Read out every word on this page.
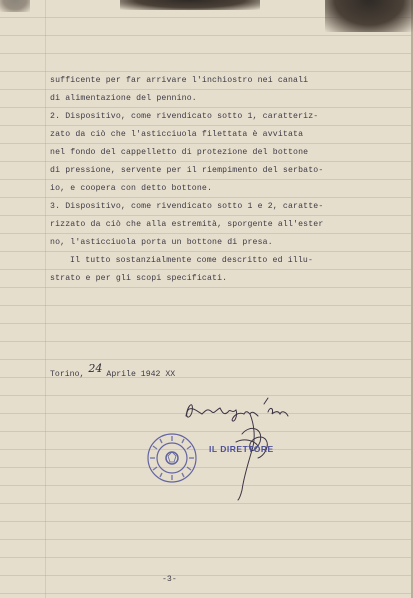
sufficente per far arrivare l'inchiostro nei canali
di alimentazione del pennino.
2. Dispositivo, come rivendicato sotto 1, caratteriz-
zato da ciò che l'asticciuola filettata è avvitata
nel fondo del cappelletto di protezione del bottone
di pressione, servente per il riempimento del serbato-
io, e coopera con detto bottone.
3. Dispositivo, come rivendicato sotto 1 e 2, caratte-
rizzato da ciò che alla estremità, sporgente all'ester
no, l'asticciuola porta un bottone di presa.
Il tutto sostanzialmente come descritto ed illu-
strato e per gli scopi specificati.
Torino, 24 Aprile 1942 XX
IL DIRETTORE
-3-
